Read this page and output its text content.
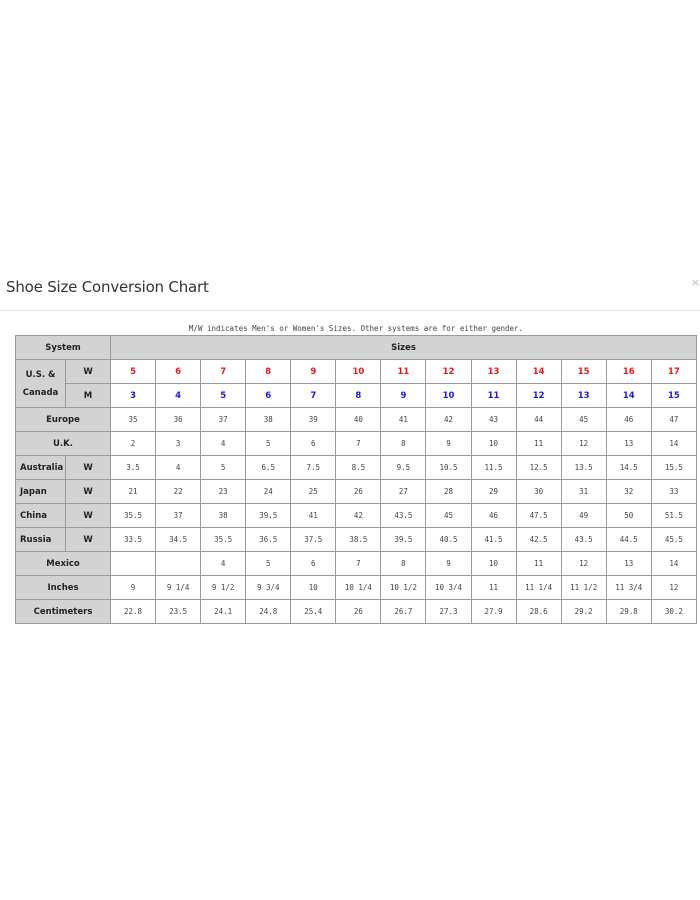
Shoe Size Conversion Chart	×
M/W indicates Men's or Women's Sizes. Other systems are for either gender.
System		Sizes												
U.S. & Canada	W	5	6	7	8	9	10	11	12	13	14	15	16	17
	M	3	4	5	6	7	8	9	10	11	12	13	14	15
Europe		35	36	37	38	39	40	41	42	43	44	45	46	47
U.K.		2	3	4	5	6	7	8	9	10	11	12	13	14
Australia	W	3.5	4	5	6.5	7.5	8.5	9.5	10.5	11.5	12.5	13.5	14.5	15.5
Japan	W	21	22	23	24	25	26	27	28	29	30	31	32	33
China	W	35.5	37	38	39.5	41	42	43.5	45	46	47.5	49	50	51.5
Russia	W	33.5	34.5	35.5	36.5	37.5	38.5	39.5	40.5	41.5	42.5	43.5	44.5	45.5
Mexico				4	5	6	7	8	9	10	11	12	13	14
Inches		9	9 1/4	9 1/2	9 3/4	10	10 1/4	10 1/2	10 3/4	11	11 1/4	11 1/2	11 3/4	12
Centimeters		22.8	23.5	24.1	24.8	25.4	26	26.7	27.3	27.9	28.6	29.2	29.8	30.2
